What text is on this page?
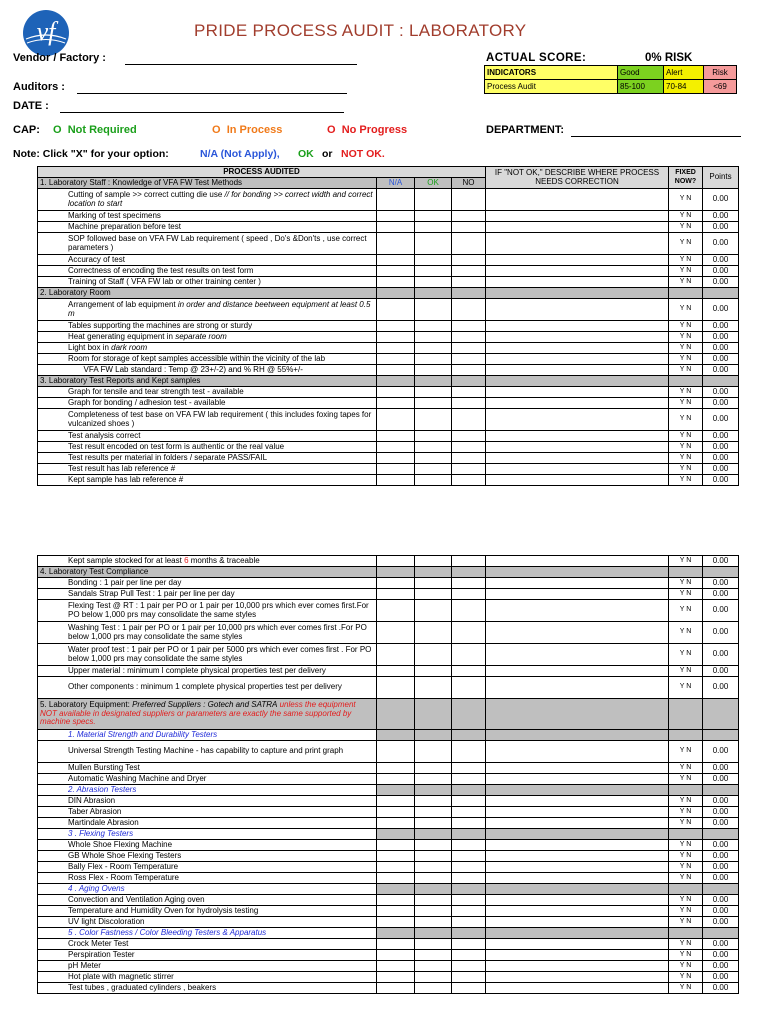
vf	PRIDE PROCESS AUDIT : LABORATORY
Vendor / Factory :
Auditors :
DATE :
ACTUAL SCORE:	0% RISK
INDICATORS	Good	Alert	Risk
Process Audit	85-100	70-84	<69
CAP: O Not Required	O In Process	O No Progress	DEPARTMENT:
Note: Click "X" for your option:	N/A (Not Apply), OK or NOT OK.
PROCESS AUDITED				IF "NOT OK," DESCRIBE WHERE PROCESS NEEDS CORRECTION	FIXED NOW?	Points
1. Laboratory Staff : Knowledge of VFA FW Test Methods	N/A	OK	NO			
Cutting of sample >> correct cutting die use // for bonding >> correct width and correct location to start					Y N	0.00
Marking of test specimens					Y N	0.00
Machine preparation before test					Y N	0.00
SOP followed base on VFA FW Lab requirement ( speed , Do's &Don'ts , use correct parameters )					Y N	0.00
Accuracy of test					Y N	0.00
Correctness of encoding the test results on test form					Y N	0.00
Training of Staff ( VFA FW lab or other training center )					Y N	0.00
2. Laboratory Room						
Arrangement of lab equipment in order and distance beetween equipment at least 0.5 m					Y N	0.00
Tables supporting the machines are strong or sturdy					Y N	0.00
Heat generating equipment in separate room					Y N	0.00
Light box in dark room					Y N	0.00
Room for storage of kept samples accessible within the vicinity of the lab					Y N	0.00
VFA FW Lab standard : Temp @ 23+/-2) and % RH @ 55%+/-					Y N	0.00
3. Laboratory Test Reports and Kept samples						
Graph for tensile and tear strength test - available					Y N	0.00
Graph for bonding / adhesion test - available					Y N	0.00
Completeness of test base on VFA FW lab requirement ( this includes foxing tapes for vulcanized shoes )					Y N	0.00
Test analysis correct					Y N	0.00
Test result encoded on test form is authentic or the real value					Y N	0.00
Test results per material in folders / separate PASS/FAIL					Y N	0.00
Test result has lab reference #					Y N	0.00
Kept sample has lab reference #					Y N	0.00
Kept sample stocked for at least 6 months & traceable					Y N	0.00
4. Laboratory Test Compliance						
Bonding : 1 pair per line per day					Y N	0.00
Sandals Strap Pull Test : 1 pair per line per day					Y N	0.00
Flexing Test @ RT : 1 pair per PO or 1 pair per 10,000 prs which ever comes first.For PO below 1,000 prs may consolidate the same styles					Y N	0.00
Washing Test : 1 pair per PO or 1 pair per 10,000 prs which ever comes first .For PO below 1,000 prs may consolidate the same styles					Y N	0.00
Water proof test : 1 pair per PO or 1 pair per 5000 prs which ever comes first . For PO below 1,000 prs may consolidate the same styles					Y N	0.00
Upper material : minimum l complete physical properties test per delivery					Y N	0.00
Other components : minimum 1 complete physical properties test per delivery					Y N	0.00
5. Laboratory Equipment: Preferred Suppliers : Gotech and SATRA unless the equipment NOT available in designated suppliers or parameters are exactly the same supported by machine specs.						
1. Material Strength and Durability Testers						
Universal Strength Testing Machine - has capability to capture and print graph					Y N	0.00
Mullen Bursting Test					Y N	0.00
Automatic Washing Machine and Dryer					Y N	0.00
2. Abrasion Testers						
DIN Abrasion					Y N	0.00
Taber Abrasion					Y N	0.00
Martindale Abrasion					Y N	0.00
3 . Flexing Testers						
Whole Shoe Flexing Machine					Y N	0.00
GB Whole Shoe Flexing Testers					Y N	0.00
Bally Flex - Room Temperature					Y N	0.00
Ross Flex - Room Temperature					Y N	0.00
4 . Aging Ovens						
Convection and Ventilation Aging oven					Y N	0.00
Temperature and Humidity Oven for hydrolysis testing					Y N	0.00
UV light Discoloration					Y N	0.00
5 . Color Fastness / Color Bleeding Testers & Apparatus						
Crock Meter Test					Y N	0.00
Perspiration Tester					Y N	0.00
pH Meter					Y N	0.00
Hot plate with magnetic stirrer					Y N	0.00
Test tubes , graduated cylinders , beakers					Y N	0.00
